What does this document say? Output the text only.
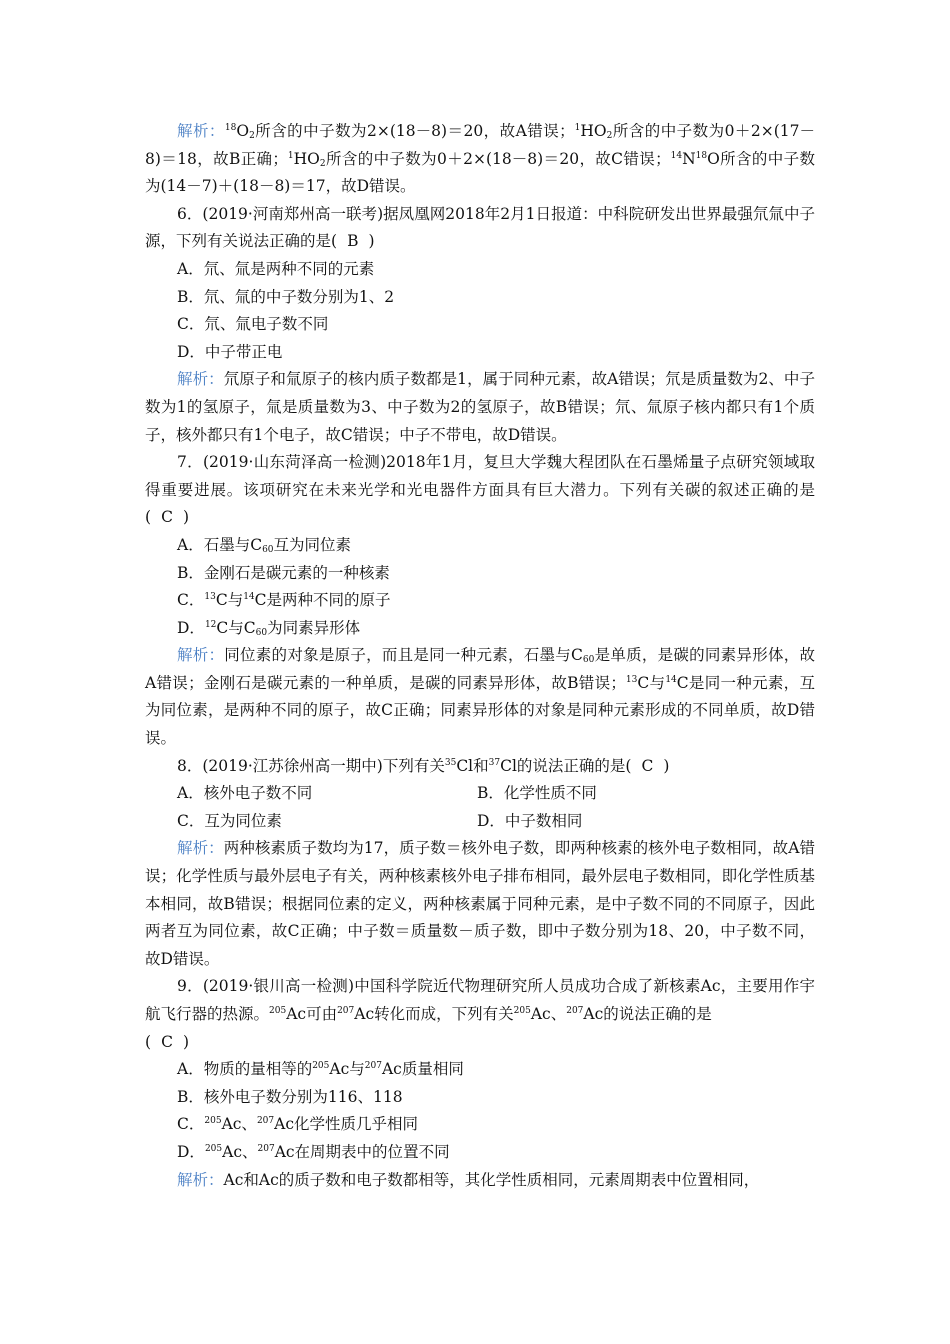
解析：$^{18}O_2$所含的中子数为2×(18－8)＝20，故A错误；$^1HO_2$所含的中子数为0＋2×(17－8)＝18，故B正确；$^1HO_2$所含的中子数为0＋2×(18－8)＝20，故C错误；$^{14}N^{18}O$所含的中子数为(14－7)＋(18－8)＝17，故D错误。

6．(2019·河南郑州高一联考)据凤凰网2018年2月1日报道：中科院研发出世界最强氘氚中子源，下列有关说法正确的是( B )

A．氘、氚是两种不同的元素

B．氘、氚的中子数分别为1、2

C．氘、氚电子数不同

D．中子带正电

解析：氘原子和氚原子的核内质子数都是1，属于同种元素，故A错误；氘是质量数为2、中子数为1的氢原子，氚是质量数为3、中子数为2的氢原子，故B错误；氘、氚原子核内都只有1个质子，核外都只有1个电子，故C错误；中子不带电，故D错误。

7．(2019·山东菏泽高一检测)2018年1月，复旦大学魏大程团队在石墨烯量子点研究领域取得重要进展。该项研究在未来光学和光电器件方面具有巨大潜力。下列有关碳的叙述正确的是( C )

A．石墨与$C_{60}$互为同位素

B．金刚石是碳元素的一种核素

C．$^{13}$C与$^{14}$C是两种不同的原子

D．$^{12}$C与$C_{60}$为同素异形体

解析：同位素的对象是原子，而且是同一种元素，石墨与$C_{60}$是单质，是碳的同素异形体，故A错误；金刚石是碳元素的一种单质，是碳的同素异形体，故B错误；$^{13}$C与$^{14}$C是同一种元素，互为同位素，是两种不同的原子，故C正确；同素异形体的对象是同种元素形成的不同单质，故D错误。

8．(2019·江苏徐州高一期中)下列有关$^{35}$Cl和$^{37}$Cl的说法正确的是( C )

A．核外电子数不同	B．化学性质不同
C．互为同位素	D．中子数相同

解析：两种核素质子数均为17，质子数＝核外电子数，即两种核素的核外电子数相同，故A错误；化学性质与最外层电子有关，两种核素核外电子排布相同，最外层电子数相同，即化学性质基本相同，故B错误；根据同位素的定义，两种核素属于同种元素，是中子数不同的不同原子，因此两者互为同位素，故C正确；中子数＝质量数－质子数，即中子数分别为18、20，中子数不同，故D错误。

9．(2019·银川高一检测)中国科学院近代物理研究所人员成功合成了新核素Ac，主要用作宇航飞行器的热源。$^{205}$Ac可由$^{207}$Ac转化而成，下列有关$^{205}$Ac、$^{207}$Ac的说法正确的是
( C )

A．物质的量相等的$^{205}$Ac与$^{207}$Ac质量相同

B．核外电子数分别为116、118

C．$^{205}$Ac、$^{207}$Ac化学性质几乎相同

D．$^{205}$Ac、$^{207}$Ac在周期表中的位置不同

解析：Ac和Ac的质子数和电子数都相等，其化学性质相同，元素周期表中位置相同，
